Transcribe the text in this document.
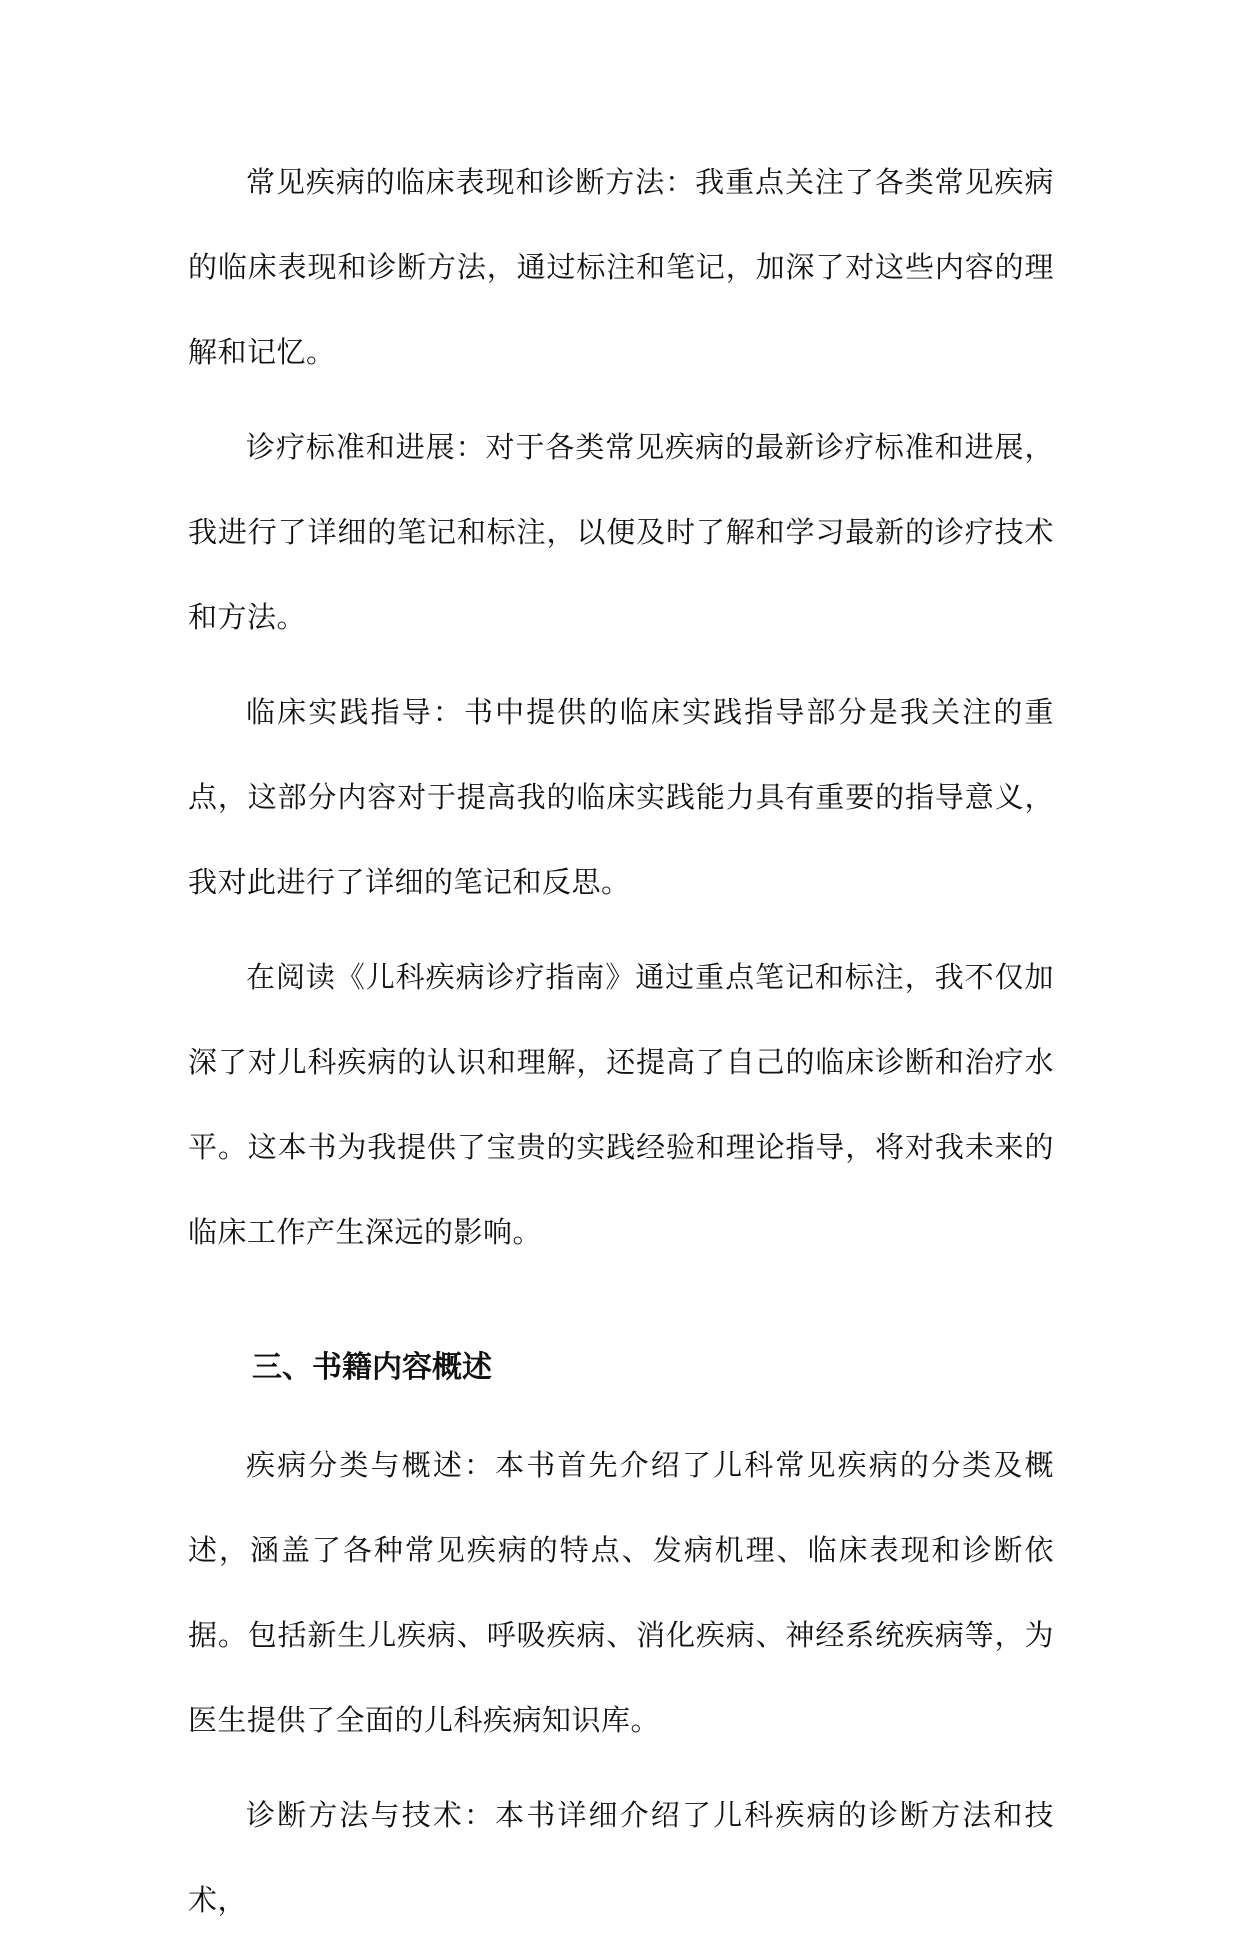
常见疾病的临床表现和诊断方法：我重点关注了各类常见疾病的临床表现和诊断方法，通过标注和笔记，加深了对这些内容的理解和记忆。

诊疗标准和进展：对于各类常见疾病的最新诊疗标准和进展，我进行了详细的笔记和标注，以便及时了解和学习最新的诊疗技术和方法。

临床实践指导：书中提供的临床实践指导部分是我关注的重点，这部分内容对于提高我的临床实践能力具有重要的指导意义，我对此进行了详细的笔记和反思。

在阅读《儿科疾病诊疗指南》通过重点笔记和标注，我不仅加深了对儿科疾病的认识和理解，还提高了自己的临床诊断和治疗水平。这本书为我提供了宝贵的实践经验和理论指导，将对我未来的临床工作产生深远的影响。

三、书籍内容概述

疾病分类与概述：本书首先介绍了儿科常见疾病的分类及概述，涵盖了各种常见疾病的特点、发病机理、临床表现和诊断依据。包括新生儿疾病、呼吸疾病、消化疾病、神经系统疾病等，为医生提供了全面的儿科疾病知识库。

诊断方法与技术：本书详细介绍了儿科疾病的诊断方法和技术，
